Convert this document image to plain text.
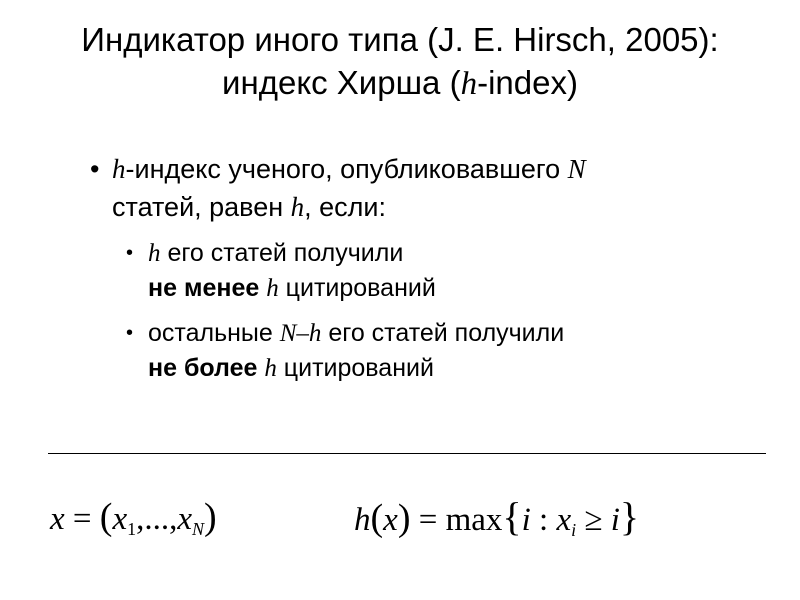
Индикатор иного типа (J. E. Hirsch, 2005):
индекс Хирша (h-index)
• h-индекс ученого, опубликовавшего N
статей, равен h, если:
• h его статей получили
не менее h цитирований
• остальные N–h его статей получили
не более h цитирований
$x = (x_1,...,x_N)$	h(x) = max{i : $x_i \ge i$}
